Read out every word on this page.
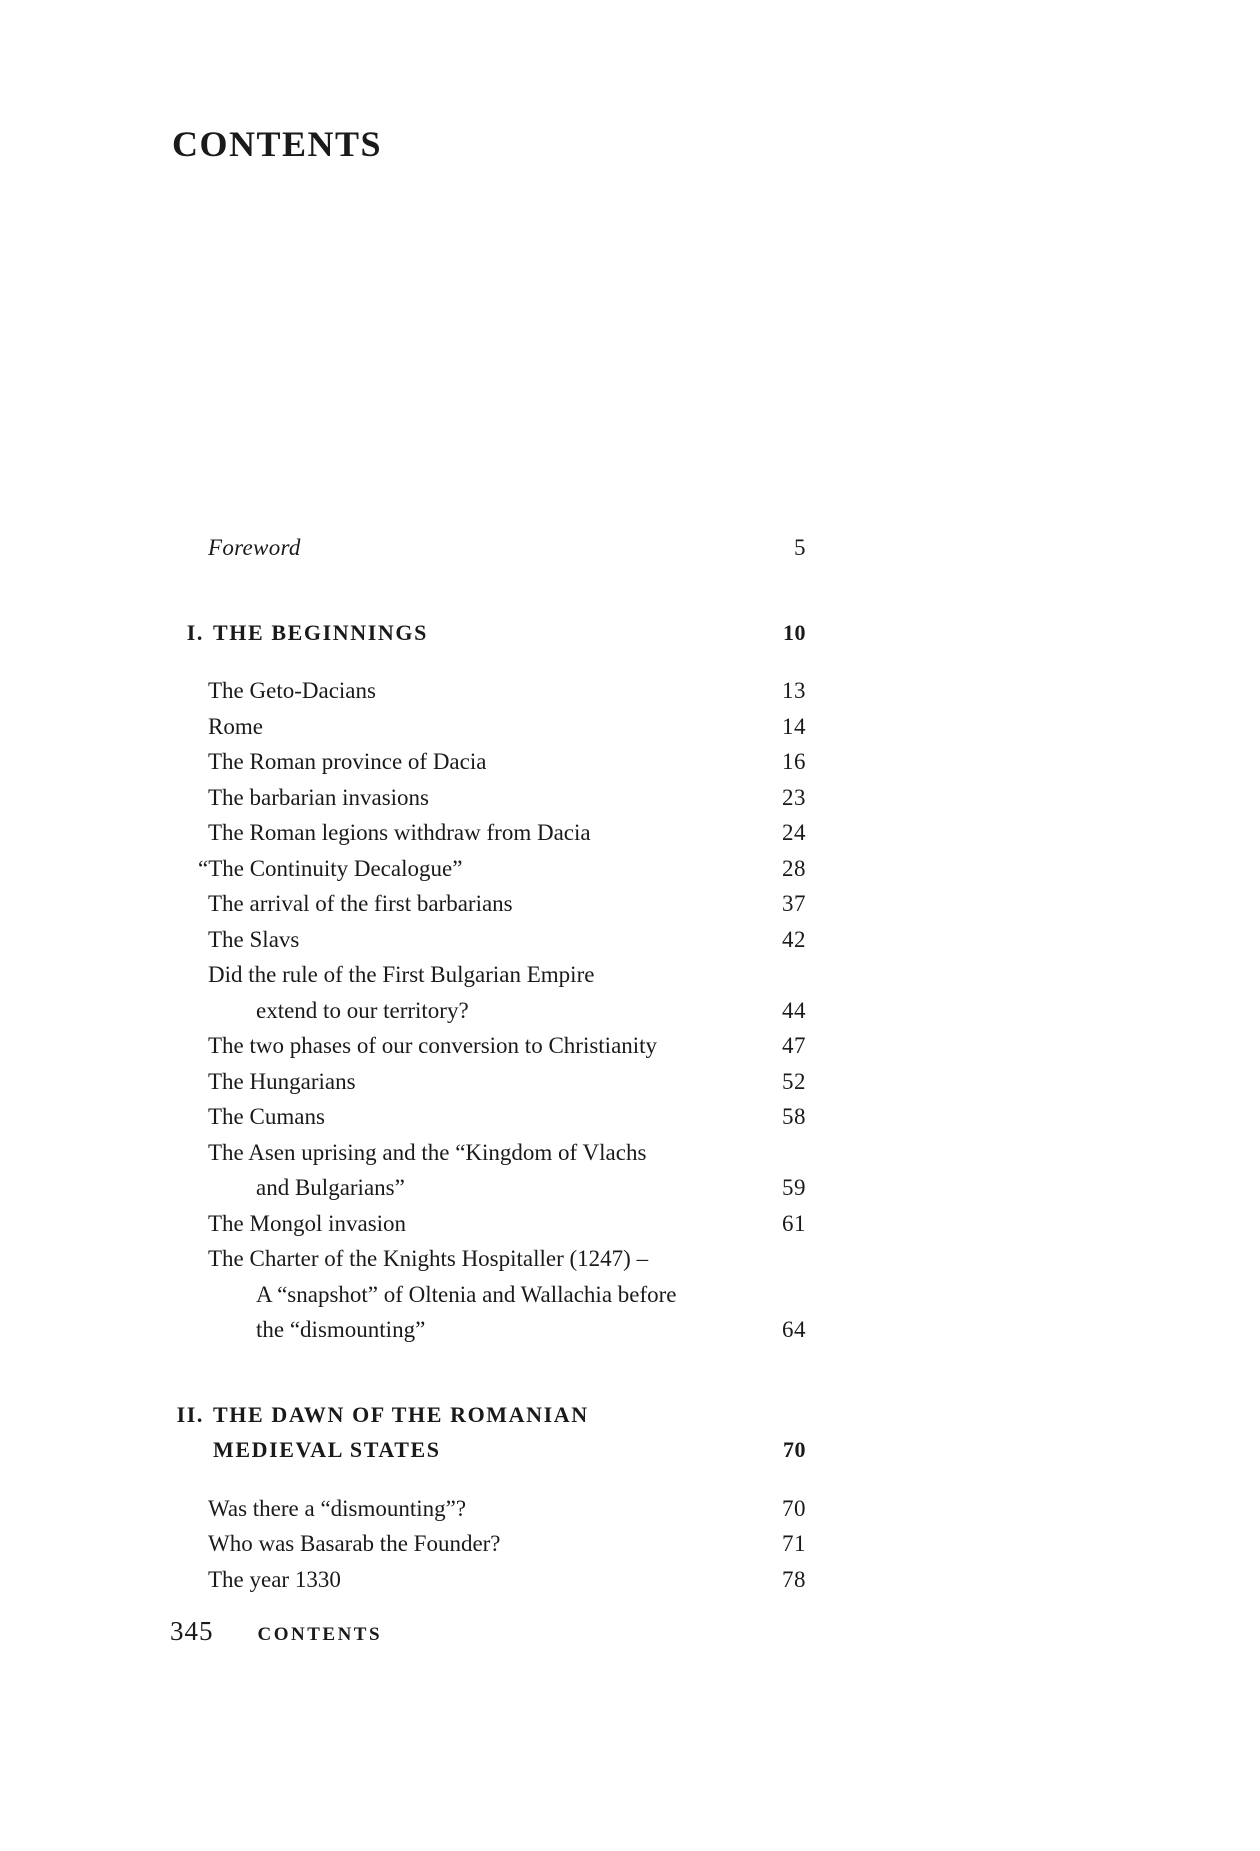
CONTENTS
Foreword	5
I. THE BEGINNINGS	10
The Geto-Dacians	13
Rome	14
The Roman province of Dacia	16
The barbarian invasions	23
The Roman legions withdraw from Dacia	24
“The Continuity Decalogue”	28
The arrival of the first barbarians	37
The Slavs	42
Did the rule of the First Bulgarian Empire
extend to our territory?	44
The two phases of our conversion to Christianity	47
The Hungarians	52
The Cumans	58
The Asen uprising and the “Kingdom of Vlachs
and Bulgarians”	59
The Mongol invasion	61
The Charter of the Knights Hospitaller (1247) –
A “snapshot” of Oltenia and Wallachia before
the “dismounting”	64
II. THE DAWN OF THE ROMANIAN
MEDIEVAL STATES	70
Was there a “dismounting”?	70
Who was Basarab the Founder?	71
The year 1330	78
345 CONTENTS
